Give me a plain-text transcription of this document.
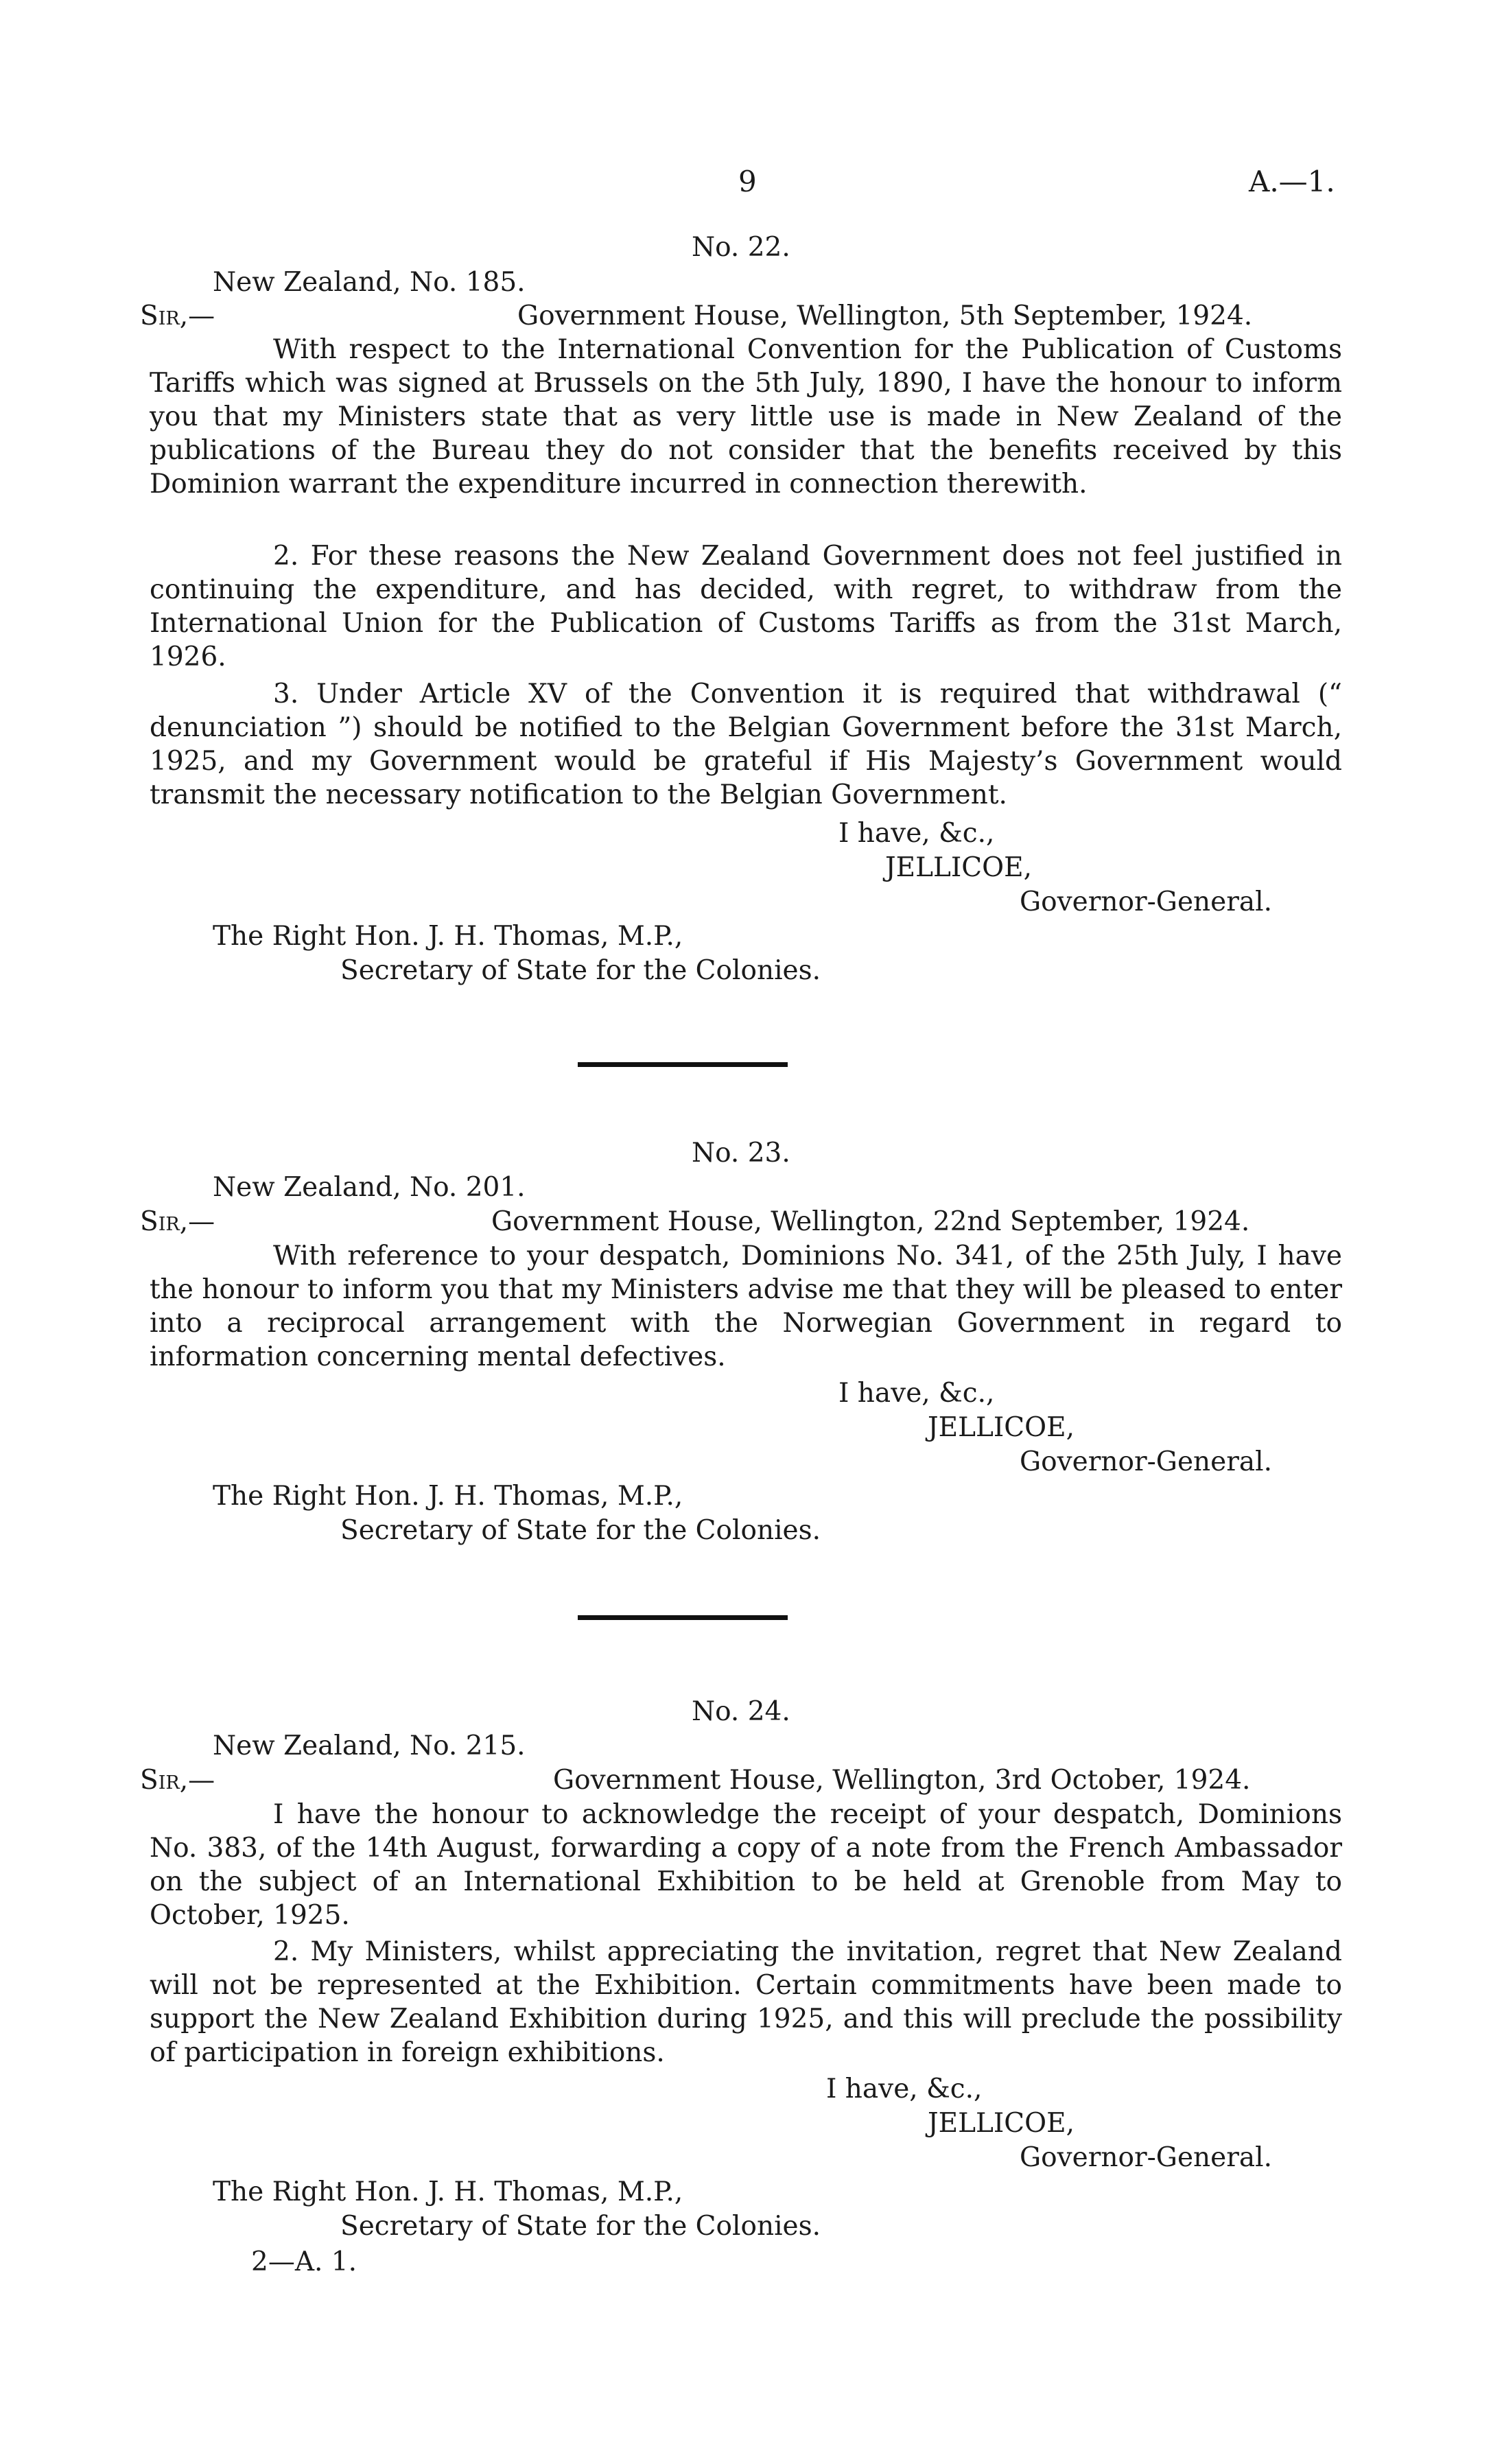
9	A.—1.
No. 22.
New Zealand, No. 185.
Sir,—	Government House, Wellington, 5th September, 1924.

With respect to the International Convention for the Publication of Customs Tariffs which was signed at Brussels on the 5th July, 1890, I have the honour to inform you that my Ministers state that as very little use is made in New Zealand of the publications of the Bureau they do not consider that the benefits received by this Dominion warrant the expenditure incurred in connection therewith.

2. For these reasons the New Zealand Government does not feel justified in continuing the expenditure, and has decided, with regret, to withdraw from the International Union for the Publication of Customs Tariffs as from the 31st March, 1926.

3. Under Article XV of the Convention it is required that withdrawal (“ denunciation ”) should be notified to the Belgian Government before the 31st March, 1925, and my Government would be grateful if His Majesty’s Government would transmit the necessary notification to the Belgian Government.

I have, &c.,
JELLICOE,
Governor-General.
The Right Hon. J. H. Thomas, M.P.,
Secretary of State for the Colonies.
No. 23.
New Zealand, No. 201.
Sir,—	Government House, Wellington, 22nd September, 1924.

With reference to your despatch, Dominions No. 341, of the 25th July, I have the honour to inform you that my Ministers advise me that they will be pleased to enter into a reciprocal arrangement with the Norwegian Government in regard to information concerning mental defectives.

I have, &c.,
JELLICOE,
Governor-General.
The Right Hon. J. H. Thomas, M.P.,
Secretary of State for the Colonies.
No. 24.
New Zealand, No. 215.
Sir,—	Government House, Wellington, 3rd October, 1924.

I have the honour to acknowledge the receipt of your despatch, Dominions No. 383, of the 14th August, forwarding a copy of a note from the French Ambassador on the subject of an International Exhibition to be held at Grenoble from May to October, 1925.

2. My Ministers, whilst appreciating the invitation, regret that New Zealand will not be represented at the Exhibition. Certain commitments have been made to support the New Zealand Exhibition during 1925, and this will preclude the possibility of participation in foreign exhibitions.

I have, &c.,
JELLICOE,
Governor-General.
The Right Hon. J. H. Thomas, M.P.,
Secretary of State for the Colonies.
2—A. 1.
